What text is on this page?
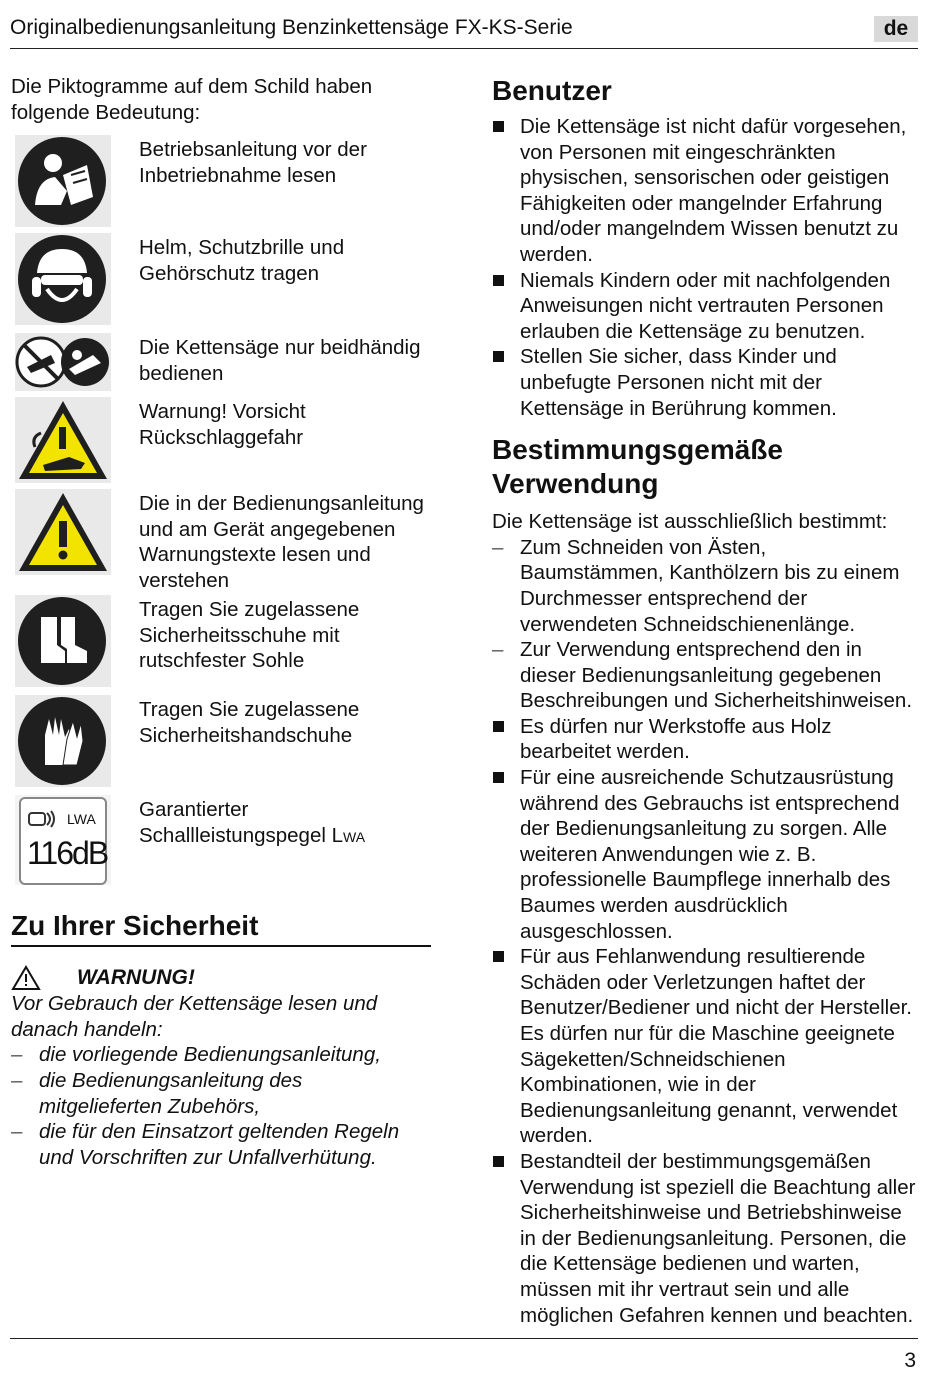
Originalbedienungsanleitung Benzinkettensäge FX-KS-Serie	de

Die Piktogramme auf dem Schild haben folgende Bedeutung:

Betriebsanleitung vor der Inbetriebnahme lesen
Helm, Schutzbrille und Gehörschutz tragen
Die Kettensäge nur beidhändig bedienen
Warnung! Vorsicht Rückschlaggefahr
Die in der Bedienungsanleitung und am Gerät angegebenen Warnungstexte lesen und verstehen
Tragen Sie zugelassene Sicherheitsschuhe mit rutschfester Sohle
Tragen Sie zugelassene Sicherheitshandschuhe
LWA
116dB
Garantierter Schallleistungspegel LWA
Zu Ihrer Sicherheit
WARNUNG!

Vor Gebrauch der Kettensäge lesen und danach handeln:

– die vorliegende Bedienungsanleitung,
– die Bedienungsanleitung des mitgelieferten Zubehörs,
– die für den Einsatzort geltenden Regeln und Vorschriften zur Unfallverhütung.
Benutzer
Die Kettensäge ist nicht dafür vorgesehen, von Personen mit eingeschränkten physischen, sensorischen oder geistigen Fähigkeiten oder mangelnder Erfahrung und/oder mangelndem Wissen benutzt zu werden.
Niemals Kindern oder mit nachfolgenden Anweisungen nicht vertrauten Personen erlauben die Kettensäge zu benutzen.
Stellen Sie sicher, dass Kinder und unbefugte Personen nicht mit der Kettensäge in Berührung kommen.
Bestimmungsgemäße
Verwendung

Die Kettensäge ist ausschließlich bestimmt:

– Zum Schneiden von Ästen, Baumstämmen, Kanthölzern bis zu einem Durchmesser entsprechend der verwendeten Schneidschienenlänge.
– Zur Verwendung entsprechend den in dieser Bedienungsanleitung gegebenen Beschreibungen und Sicherheitshinweisen.
Es dürfen nur Werkstoffe aus Holz bearbeitet werden.
Für eine ausreichende Schutzausrüstung während des Gebrauchs ist entsprechend der Bedienungsanleitung zu sorgen. Alle weiteren Anwendungen wie z. B. professionelle Baumpflege innerhalb des Baumes werden ausdrücklich ausgeschlossen.
Für aus Fehlanwendung resultierende Schäden oder Verletzungen haftet der Benutzer/Bediener und nicht der Hersteller. Es dürfen nur für die Maschine geeignete Sägeketten/Schneidschienen Kombinationen, wie in der Bedienungsanleitung genannt, verwendet werden.
Bestandteil der bestimmungsgemäßen Verwendung ist speziell die Beachtung aller Sicherheitshinweise und Betriebshinweise in der Bedienungsanleitung. Personen, die die Kettensäge bedienen und warten, müssen mit ihr vertraut sein und alle möglichen Gefahren kennen und beachten.
3
